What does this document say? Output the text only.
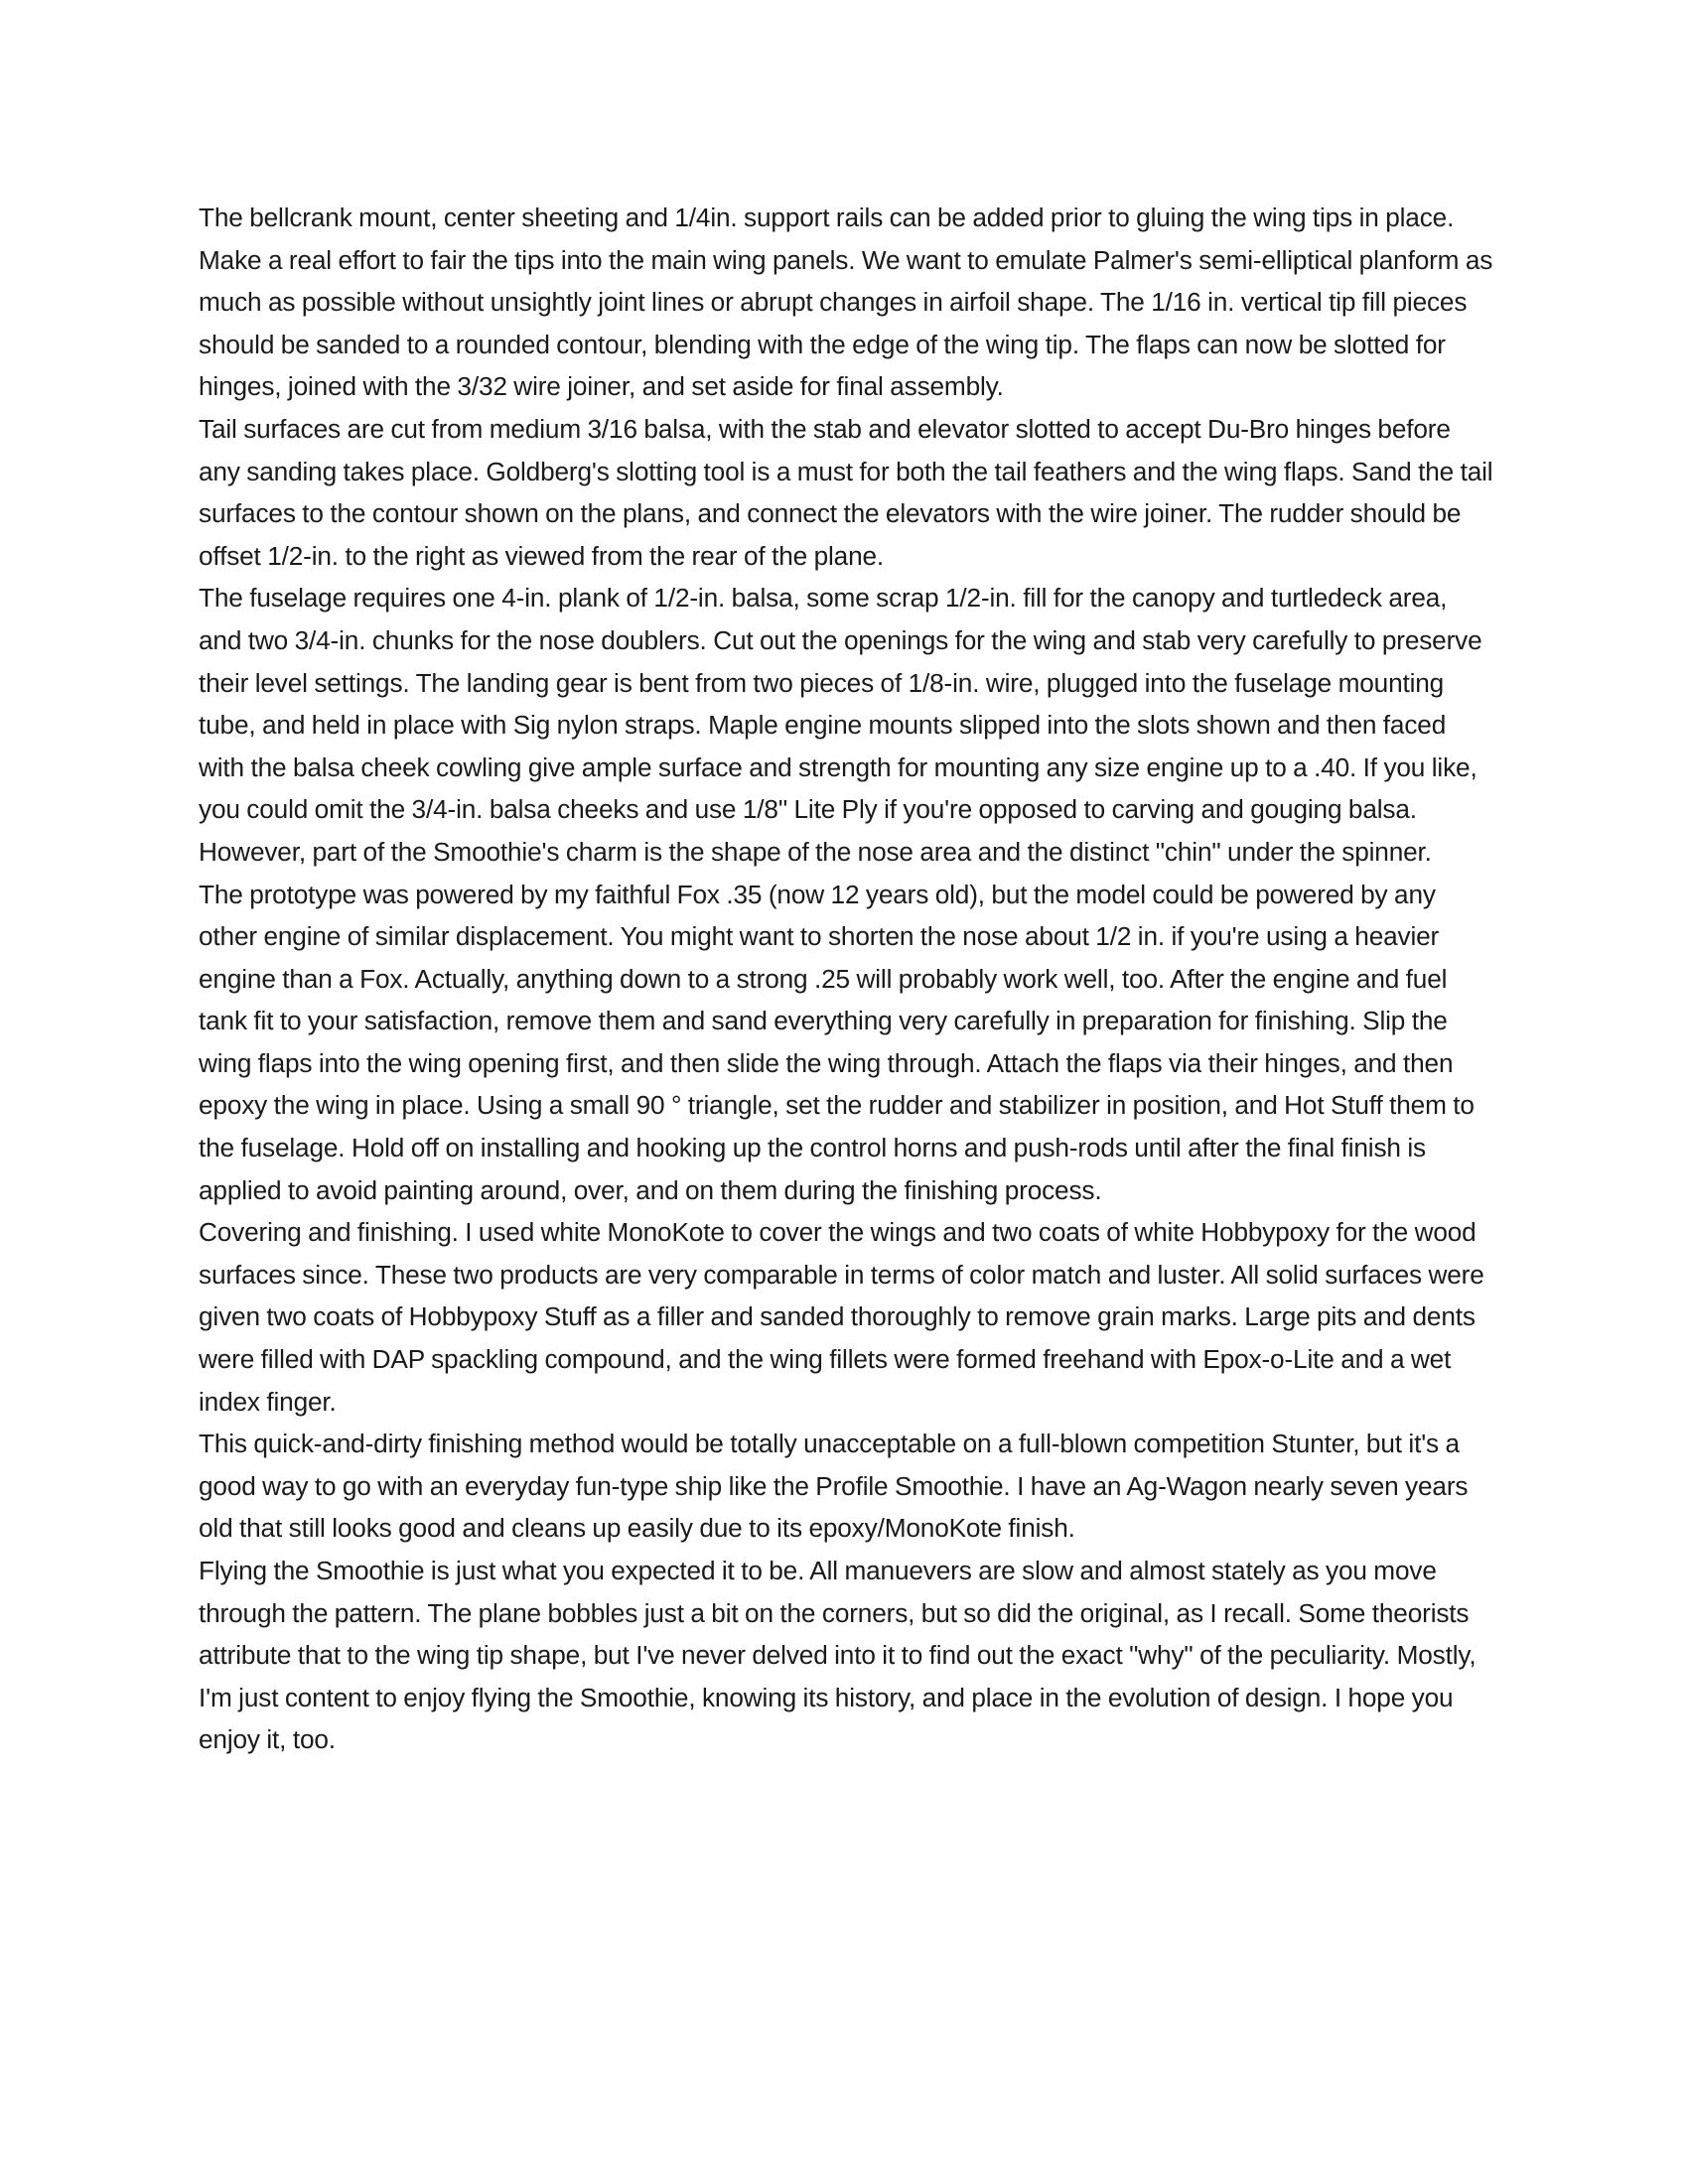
The bellcrank mount, center sheeting and 1/4in. support rails can be added prior to gluing the wing tips in place. Make a real effort to fair the tips into the main wing panels. We want to emulate Palmer's semi-elliptical planform as much as possible without unsightly joint lines or abrupt changes in airfoil shape. The 1/16 in. vertical tip fill pieces should be sanded to a rounded contour, blending with the edge of the wing tip. The flaps can now be slotted for hinges, joined with the 3/32 wire joiner, and set aside for final assembly.

Tail surfaces are cut from medium 3/16 balsa, with the stab and elevator slotted to accept Du-Bro hinges before any sanding takes place. Goldberg's slotting tool is a must for both the tail feathers and the wing flaps. Sand the tail surfaces to the contour shown on the plans, and connect the elevators with the wire joiner. The rudder should be offset 1/2-in. to the right as viewed from the rear of the plane.

The fuselage requires one 4-in. plank of 1/2-in. balsa, some scrap 1/2-in. fill for the canopy and turtledeck area, and two 3/4-in. chunks for the nose doublers. Cut out the openings for the wing and stab very carefully to preserve their level settings. The landing gear is bent from two pieces of 1/8-in. wire, plugged into the fuselage mounting tube, and held in place with Sig nylon straps. Maple engine mounts slipped into the slots shown and then faced with the balsa cheek cowling give ample surface and strength for mounting any size engine up to a .40. If you like, you could omit the 3/4-in. balsa cheeks and use 1/8" Lite Ply if you're opposed to carving and gouging balsa. However, part of the Smoothie's charm is the shape of the nose area and the distinct "chin" under the spinner.

The prototype was powered by my faithful Fox .35 (now 12 years old), but the model could be powered by any other engine of similar displacement. You might want to shorten the nose about 1/2 in. if you're using a heavier engine than a Fox. Actually, anything down to a strong .25 will probably work well, too. After the engine and fuel tank fit to your satisfaction, remove them and sand everything very carefully in preparation for finishing. Slip the wing flaps into the wing opening first, and then slide the wing through. Attach the flaps via their hinges, and then epoxy the wing in place. Using a small 90 ° triangle, set the rudder and stabilizer in position, and Hot Stuff them to the fuselage. Hold off on installing and hooking up the control horns and push-rods until after the final finish is applied to avoid painting around, over, and on them during the finishing process.

Covering and finishing. I used white MonoKote to cover the wings and two coats of white Hobbypoxy for the wood surfaces since. These two products are very comparable in terms of color match and luster. All solid surfaces were given two coats of Hobbypoxy Stuff as a filler and sanded thoroughly to remove grain marks. Large pits and dents were filled with DAP spackling compound, and the wing fillets were formed freehand with Epox-o-Lite and a wet index finger.

This quick-and-dirty finishing method would be totally unacceptable on a full-blown competition Stunter, but it's a good way to go with an everyday fun-type ship like the Profile Smoothie. I have an Ag-Wagon nearly seven years old that still looks good and cleans up easily due to its epoxy/MonoKote finish.

Flying the Smoothie is just what you expected it to be. All manuevers are slow and almost stately as you move through the pattern. The plane bobbles just a bit on the corners, but so did the original, as I recall. Some theorists attribute that to the wing tip shape, but I've never delved into it to find out the exact "why" of the peculiarity. Mostly, I'm just content to enjoy flying the Smoothie, knowing its history, and place in the evolution of design. I hope you enjoy it, too.
